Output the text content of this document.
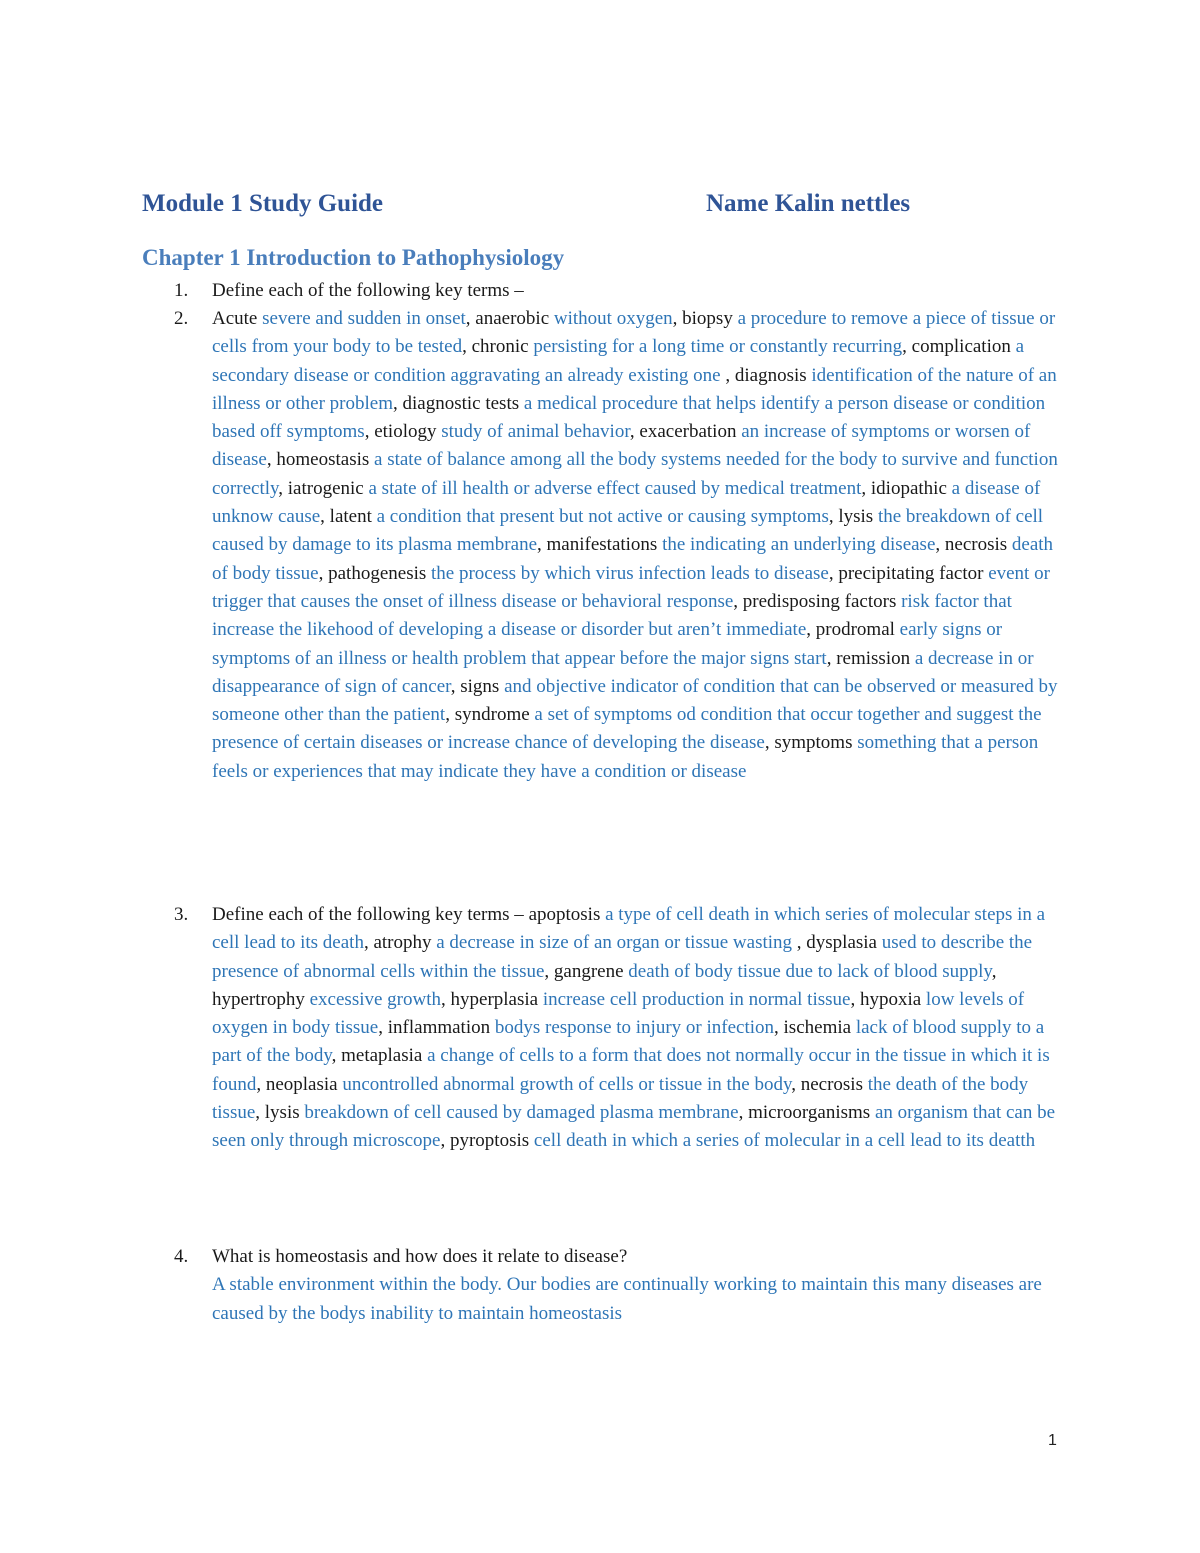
Module 1 Study Guide	Name Kalin nettles
Chapter 1 Introduction to Pathophysiology
1. Define each of the following key terms –
2. Acute severe and sudden in onset, anaerobic without oxygen, biopsy a procedure to remove a piece of tissue or cells from your body to be tested, chronic persisting for a long time or constantly recurring, complication a secondary disease or condition aggravating an already existing one , diagnosis identification of the nature of an illness or other problem, diagnostic tests a medical procedure that helps identify a person disease or condition based off symptoms, etiology study of animal behavior, exacerbation an increase of symptoms or worsen of disease, homeostasis a state of balance among all the body systems needed for the body to survive and function correctly, iatrogenic a state of ill health or adverse effect caused by medical treatment, idiopathic a disease of unknow cause, latent a condition that present but not active or causing symptoms, lysis the breakdown of cell caused by damage to its plasma membrane, manifestations the indicating an underlying disease, necrosis death of body tissue, pathogenesis the process by which virus infection leads to disease, precipitating factor event or trigger that causes the onset of illness disease or behavioral response, predisposing factors risk factor that increase the likehood of developing a disease or disorder but aren’t immediate, prodromal early signs or symptoms of an illness or health problem that appear before the major signs start, remission a decrease in or disappearance of sign of cancer, signs and objective indicator of condition that can be observed or measured by someone other than the patient, syndrome a set of symptoms od condition that occur together and suggest the presence of certain diseases or increase chance of developing the disease, symptoms something that a person feels or experiences that may indicate they have a condition or disease
3. Define each of the following key terms – apoptosis a type of cell death in which series of molecular steps in a cell lead to its death, atrophy a decrease in size of an organ or tissue wasting , dysplasia used to describe the presence of abnormal cells within the tissue, gangrene death of body tissue due to lack of blood supply, hypertrophy excessive growth, hyperplasia increase cell production in normal tissue, hypoxia low levels of oxygen in body tissue, inflammation bodys response to injury or infection, ischemia lack of blood supply to a part of the body, metaplasia a change of cells to a form that does not normally occur in the tissue in which it is found, neoplasia uncontrolled abnormal growth of cells or tissue in the body, necrosis the death of the body tissue, lysis breakdown of cell caused by damaged plasma membrane, microorganisms an organism that can be seen only through microscope, pyroptosis cell death in which a series of molecular in a cell lead to its deatth
4. What is homeostasis and how does it relate to disease?
A stable environment within the body. Our bodies are continually working to maintain this many diseases are caused by the bodys inability to maintain homeostasis
1
